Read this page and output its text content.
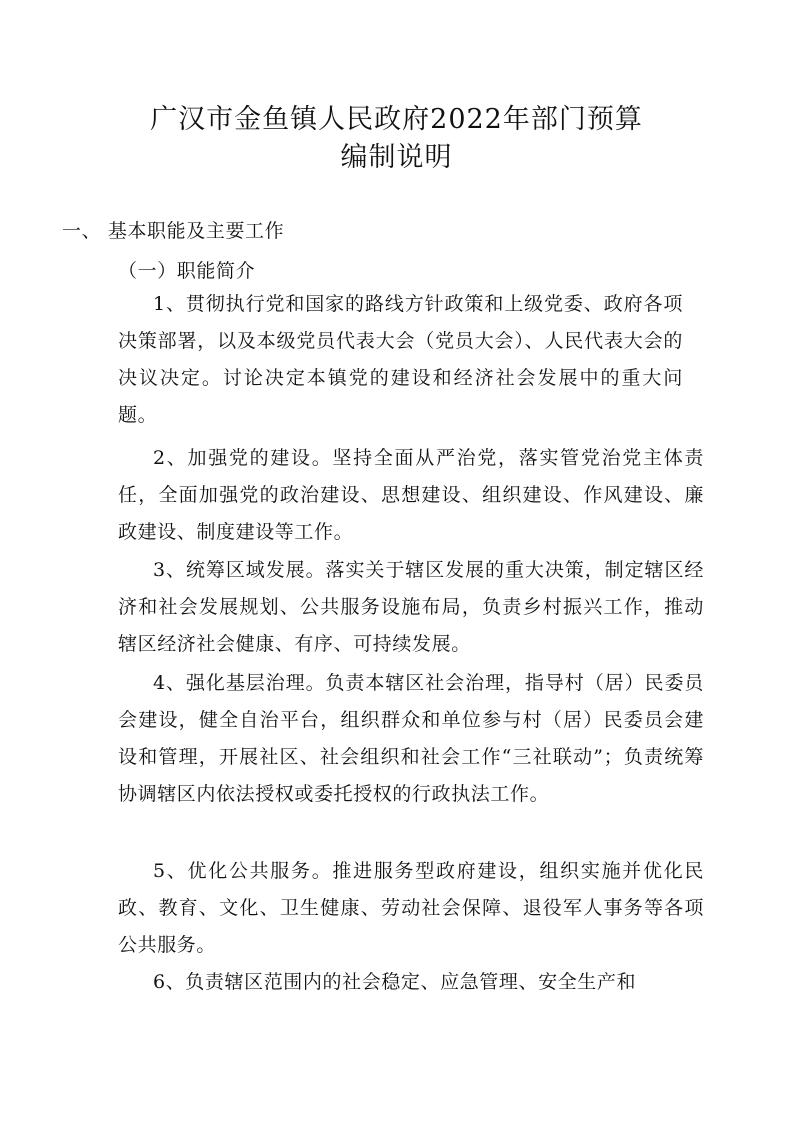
广汉市金鱼镇人民政府2022年部门预算
编制说明
一、 基本职能及主要工作
（一）职能简介
1、贯彻执行党和国家的路线方针政策和上级党委、政府各项决策部署，以及本级党员代表大会（党员大会）、人民代表大会的决议决定。讨论决定本镇党的建设和经济社会发展中的重大问题。
2、加强党的建设。坚持全面从严治党，落实管党治党主体责任，全面加强党的政治建设、思想建设、组织建设、作风建设、廉政建设、制度建设等工作。
3、统筹区域发展。落实关于辖区发展的重大决策，制定辖区经济和社会发展规划、公共服务设施布局，负责乡村振兴工作，推动辖区经济社会健康、有序、可持续发展。
4、强化基层治理。负责本辖区社会治理，指导村（居）民委员会建设，健全自治平台，组织群众和单位参与村（居）民委员会建设和管理，开展社区、社会组织和社会工作“三社联动”；负责统筹协调辖区内依法授权或委托授权的行政执法工作。
5、优化公共服务。推进服务型政府建设，组织实施并优化民政、教育、文化、卫生健康、劳动社会保障、退役军人事务等各项公共服务。
6、负责辖区范围内的社会稳定、应急管理、安全生产和
